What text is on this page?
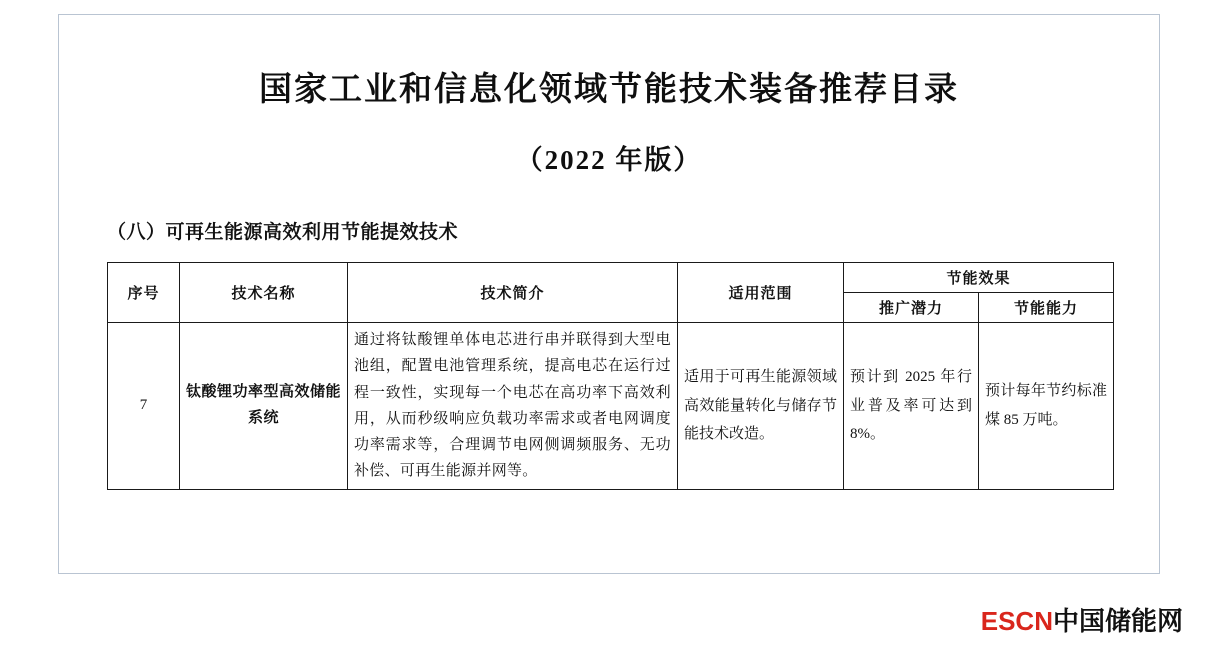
国家工业和信息化领域节能技术装备推荐目录
（2022 年版）
（八）可再生能源高效利用节能提效技术
序号	技术名称	技术简介	适用范围	节能效果	
				推广潜力	节能能力
7	钛酸锂功率型高效储能系统	通过将钛酸锂单体电芯进行串并联得到大型电池组，配置电池管理系统，提高电芯在运行过程一致性，实现每一个电芯在高功率下高效利用，从而秒级响应负载功率需求或者电网调度功率需求等，合理调节电网侧调频服务、无功补偿、可再生能源并网等。	适用于可再生能源领域高效能量转化与储存节能技术改造。	预计到 2025 年行业普及率可达到 8%。	预计每年节约标准煤 85 万吨。
ESCN中国储能网
